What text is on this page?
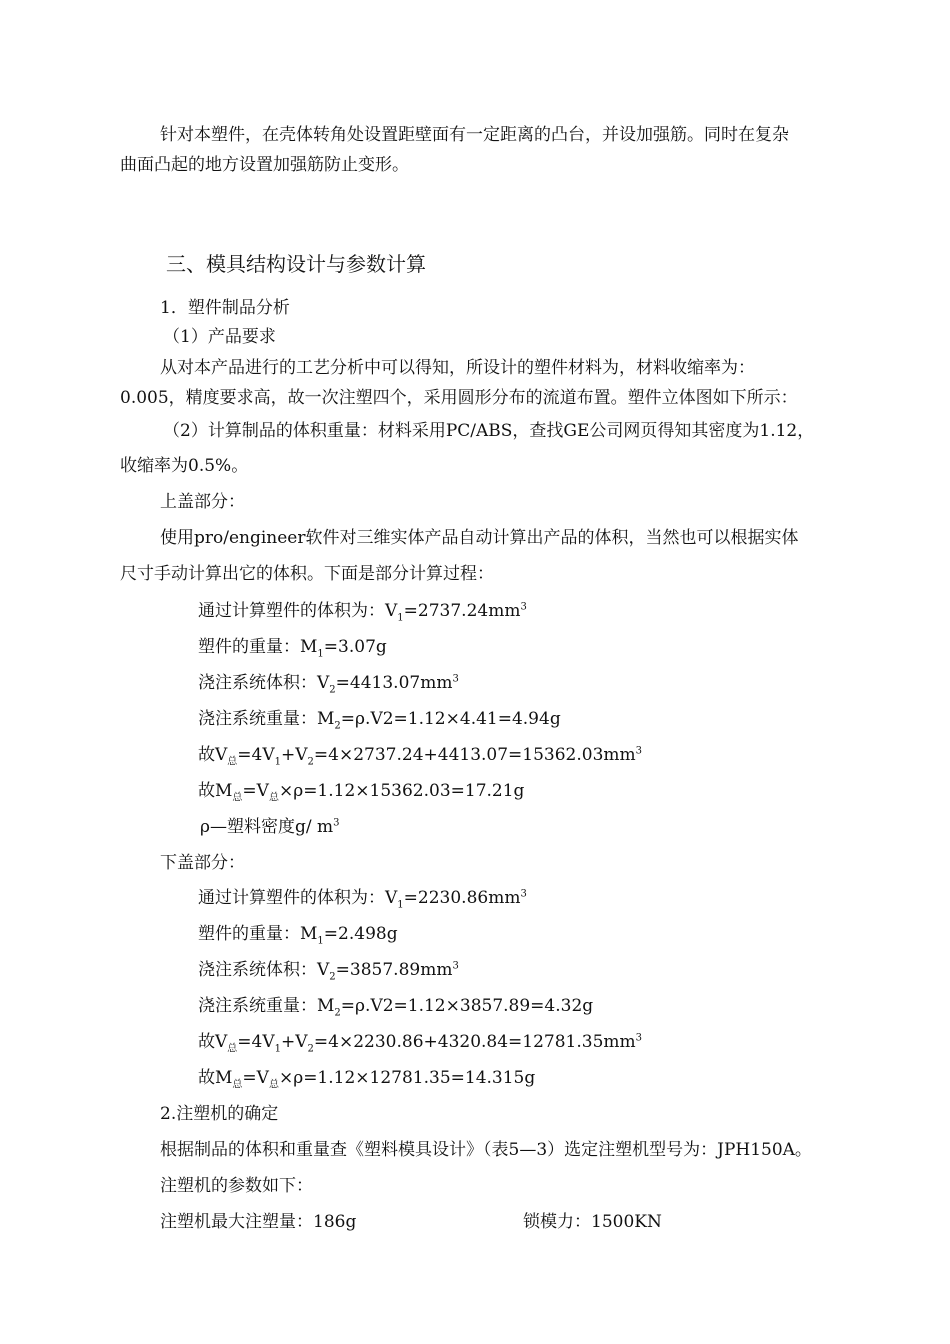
针对本塑件，在壳体转角处设置距壁面有一定距离的凸台，并设加强筋。同时在复杂
曲面凸起的地方设置加强筋防止变形。
三、模具结构设计与参数计算
1．塑件制品分析
（1）产品要求
从对本产品进行的工艺分析中可以得知，所设计的塑件材料为，材料收缩率为：
0.005，精度要求高，故一次注塑四个，采用圆形分布的流道布置。塑件立体图如下所示：
（2）计算制品的体积重量：材料采用PC/ABS，查找GE公司网页得知其密度为1.12，
收缩率为0.5%。
上盖部分：
使用pro/engineer软件对三维实体产品自动计算出产品的体积，当然也可以根据实体
尺寸手动计算出它的体积。下面是部分计算过程：
通过计算塑件的体积为：$V_1=2737.24mm^3$
塑件的重量：$M_1=3.07g$
浇注系统体积：$V_2=4413.07mm^3$
浇注系统重量：$M_2=\rho.V2=1.12\times 4.41=4.94g$
故$V_总=4V_1+V_2=4\times 2737.24+4413.07=15362.03mm^3$
故$M_总=V_总\times\rho=1.12\times 15362.03=17.21g$
ρ—塑料密度g/ $m^3$
下盖部分：
通过计算塑件的体积为：$V_1=2230.86mm^3$
塑件的重量：$M_1=2.498g$
浇注系统体积：$V_2=3857.89mm^3$
浇注系统重量：$M_2=\rho.V2=1.12\times 3857.89=4.32g$
故$V_总=4V_1+V_2=4\times 2230.86+4320.84=12781.35mm^3$
故$M_总=V_总\times\rho=1.12\times 12781.35=14.315g$
2.注塑机的确定
根据制品的体积和重量查《塑料模具设计》（表5—3）选定注塑机型号为：JPH150A。
注塑机的参数如下：
注塑机最大注塑量：186g	锁模力：1500KN
